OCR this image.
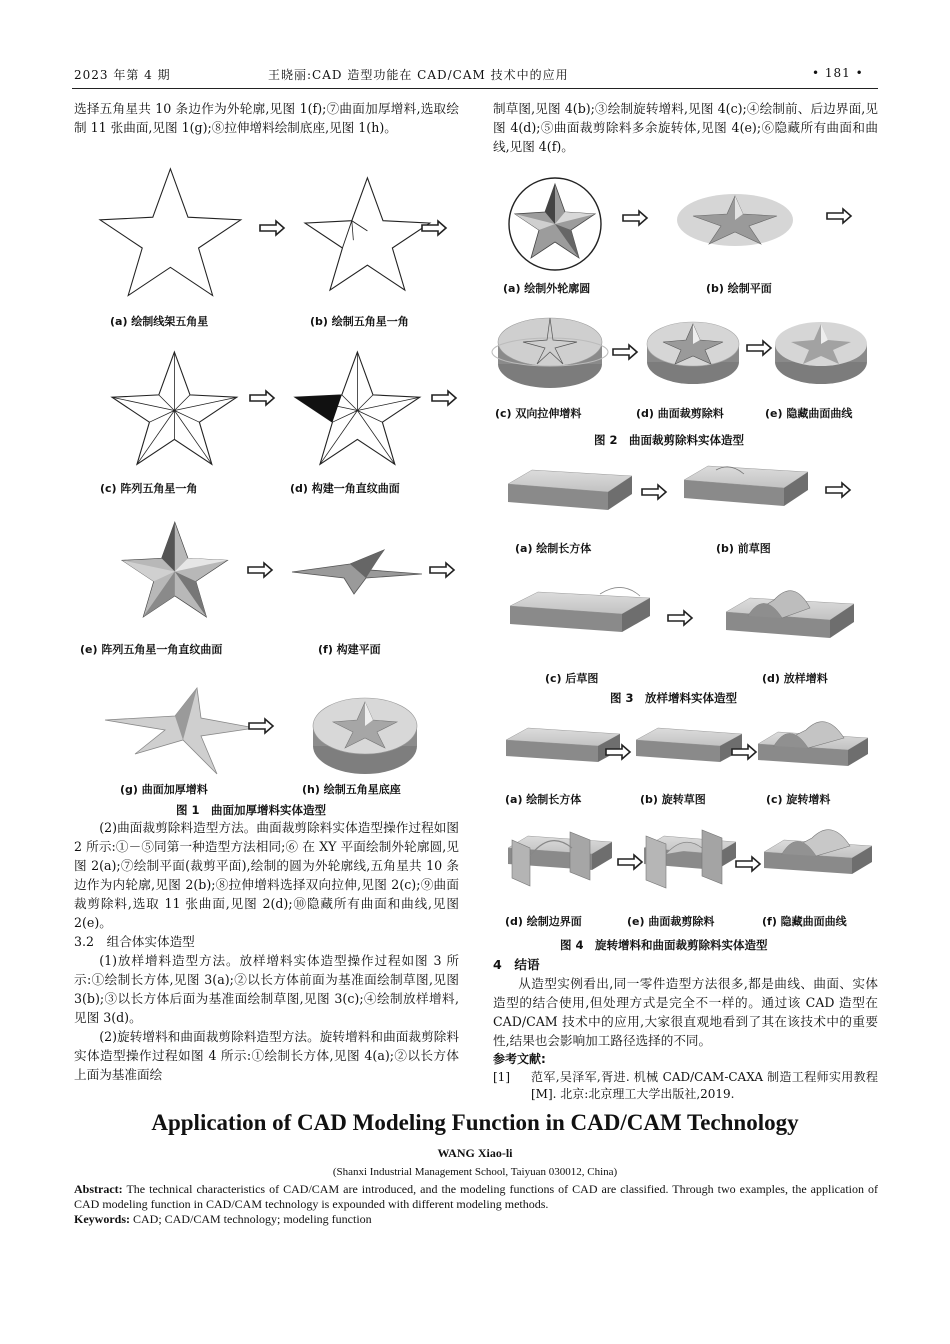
2023 年第 4 期	王晓丽:CAD 造型功能在 CAD/CAM 技术中的应用	• 181 •

选择五角星共 10 条边作为外轮廓,见图 1(f);⑦曲面加厚增料,选取绘制 11 张曲面,见图 1(g);⑧拉伸增料绘制底座,见图 1(h)。

(a) 绘制线架五角星	(b) 绘制五角星一角
(c) 阵列五角星一角	(d) 构建一角直纹曲面
(e) 阵列五角星一角直纹曲面	(f) 构建平面
(g) 曲面加厚增料	(h) 绘制五角星底座
图 1　曲面加厚增料实体造型

(2)曲面裁剪除料造型方法。曲面裁剪除料实体造型操作过程如图 2 所示:①－⑤同第一种造型方法相同;⑥ 在 XY 平面绘制外轮廓圆,见图 2(a);⑦绘制平面(裁剪平面),绘制的圆为外轮廓线,五角星共 10 条边作为内轮廓,见图 2(b);⑧拉伸增料选择双向拉伸,见图 2(c);⑨曲面裁剪除料,选取 11 张曲面,见图 2(d);⑩隐藏所有曲面和曲线,见图 2(e)。

3.2　组合体实体造型

(1)放样增料造型方法。放样增料实体造型操作过程如图 3 所示:①绘制长方体,见图 3(a);②以长方体前面为基准面绘制草图,见图 3(b);③以长方体后面为基准面绘制草图,见图 3(c);④绘制放样增料,见图 3(d)。

(2)旋转增料和曲面裁剪除料造型方法。旋转增料和曲面裁剪除料实体造型操作过程如图 4 所示:①绘制长方体,见图 4(a);②以长方体上面为基准面绘

制草图,见图 4(b);③绘制旋转增料,见图 4(c);④绘制前、后边界面,见图 4(d);⑤曲面裁剪除料多余旋转体,见图 4(e);⑥隐藏所有曲面和曲线,见图 4(f)。

(a) 绘制外轮廓圆	(b) 绘制平面
(c) 双向拉伸增料	(d) 曲面裁剪除料	(e) 隐藏曲面曲线
图 2　曲面裁剪除料实体造型
(a) 绘制长方体	(b) 前草图
(c) 后草图	(d) 放样增料
图 3　放样增料实体造型
(a) 绘制长方体	(b) 旋转草图	(c) 旋转增料
(d) 绘制边界面	(e) 曲面裁剪除料	(f) 隐藏曲面曲线
图 4　旋转增料和曲面裁剪除料实体造型

4　结语

从造型实例看出,同一零件造型方法很多,都是曲线、曲面、实体造型的结合使用,但处理方式是完全不一样的。通过该 CAD 造型在 CAD/CAM 技术中的应用,大家很直观地看到了其在该技术中的重要性,结果也会影响加工路径选择的不同。

参考文献:

[1]	范军,吴泽军,胥进. 机械 CAD/CAM-CAXA 制造工程师实用教程[M]. 北京:北京理工大学出版社,2019.
Application of CAD Modeling Function in CAD/CAM Technology
WANG Xiao-li
(Shanxi Industrial Management School, Taiyuan 030012, China)
Abstract: The technical characteristics of CAD/CAM are introduced, and the modeling functions of CAD are classified. Through two examples, the application of CAD modeling function in CAD/CAM technology is expounded with different modeling methods.
Keywords: CAD; CAD/CAM technology; modeling function
